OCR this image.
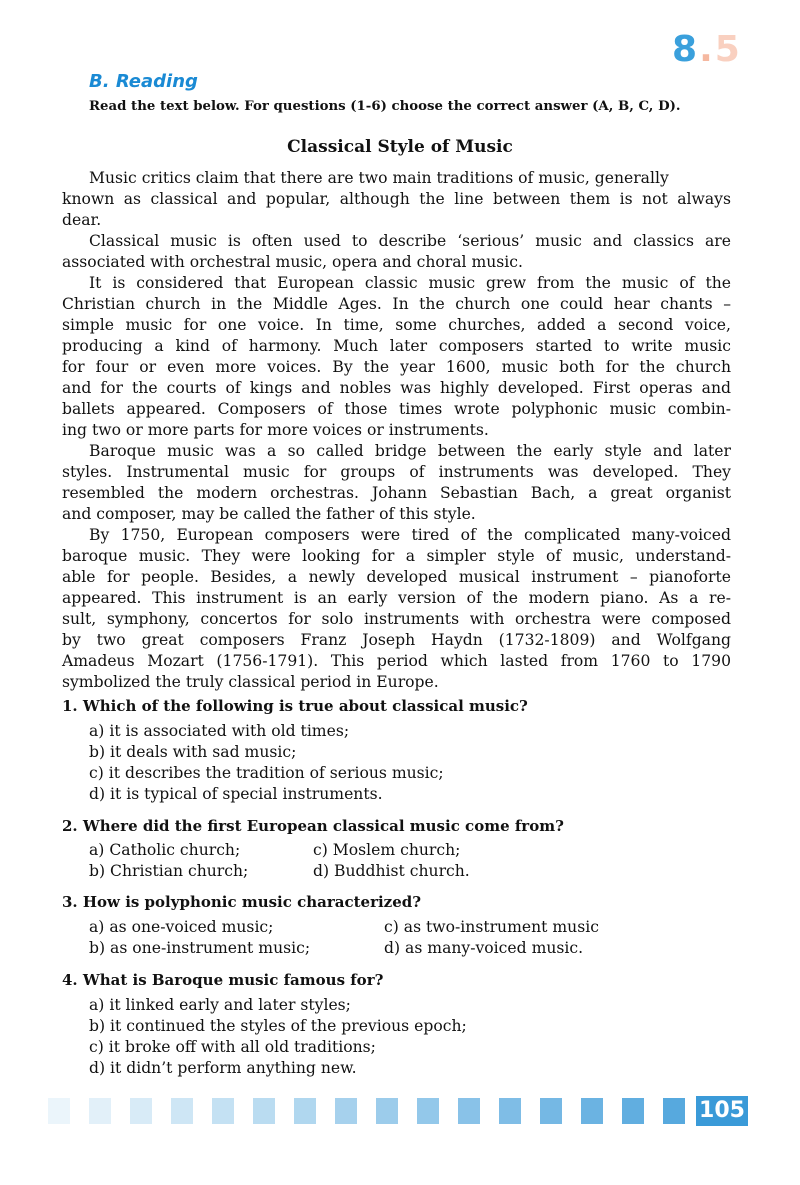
8.5
B. Reading
Read the text below. For questions (1-6) choose the correct answer (A, B, C, D).
Classical Style of Music
Music critics claim that there are two main traditions of music, generally
known as classical and popular, although the line between them is not always
dear.
Classical music is often used to describe ‘serious’ music and classics are
associated with orchestral music, opera and choral music.
It is considered that European classic music grew from the music of the
Christian church in the Middle Ages. In the church one could hear chants –
simple music for one voice. In time, some churches, added a second voice,
producing a kind of harmony. Much later composers started to write music
for four or even more voices. By the year 1600, music both for the church
and for the courts of kings and nobles was highly developed. First operas and
ballets appeared. Composers of those times wrote polyphonic music combin-
ing two or more parts for more voices or instruments.
Baroque music was a so called bridge between the early style and later
styles. Instrumental music for groups of instruments was developed. They
resembled the modern orchestras. Johann Sebastian Bach, a great organist
and composer, may be called the father of this style.
By 1750, European composers were tired of the complicated many-voiced
baroque music. They were looking for a simpler style of music, understand-
able for people. Besides, a newly developed musical instrument – pianoforte
appeared. This instrument is an early version of the modern piano. As a re-
sult, symphony, concertos for solo instruments with orchestra were composed
by two great composers Franz Joseph Haydn (1732-1809) and Wolfgang
Amadeus Mozart (1756-1791). This period which lasted from 1760 to 1790
symbolized the truly classical period in Europe.
1. Which of the following is true about classical music?
a) it is associated with old times;
b) it deals with sad music;
c) it describes the tradition of serious music;
d) it is typical of special instruments.
2. Where did the first European classical music come from?
a) Catholic church;	c) Moslem church;
b) Christian church;	d) Buddhist church.
3. How is polyphonic music characterized?
a) as one-voiced music;	c) as two-instrument music
b) as one-instrument music;	d) as many-voiced music.
4. What is Baroque music famous for?
a) it linked early and later styles;
b) it continued the styles of the previous epoch;
c) it broke off with all old traditions;
d) it didn’t perform anything new.
105
